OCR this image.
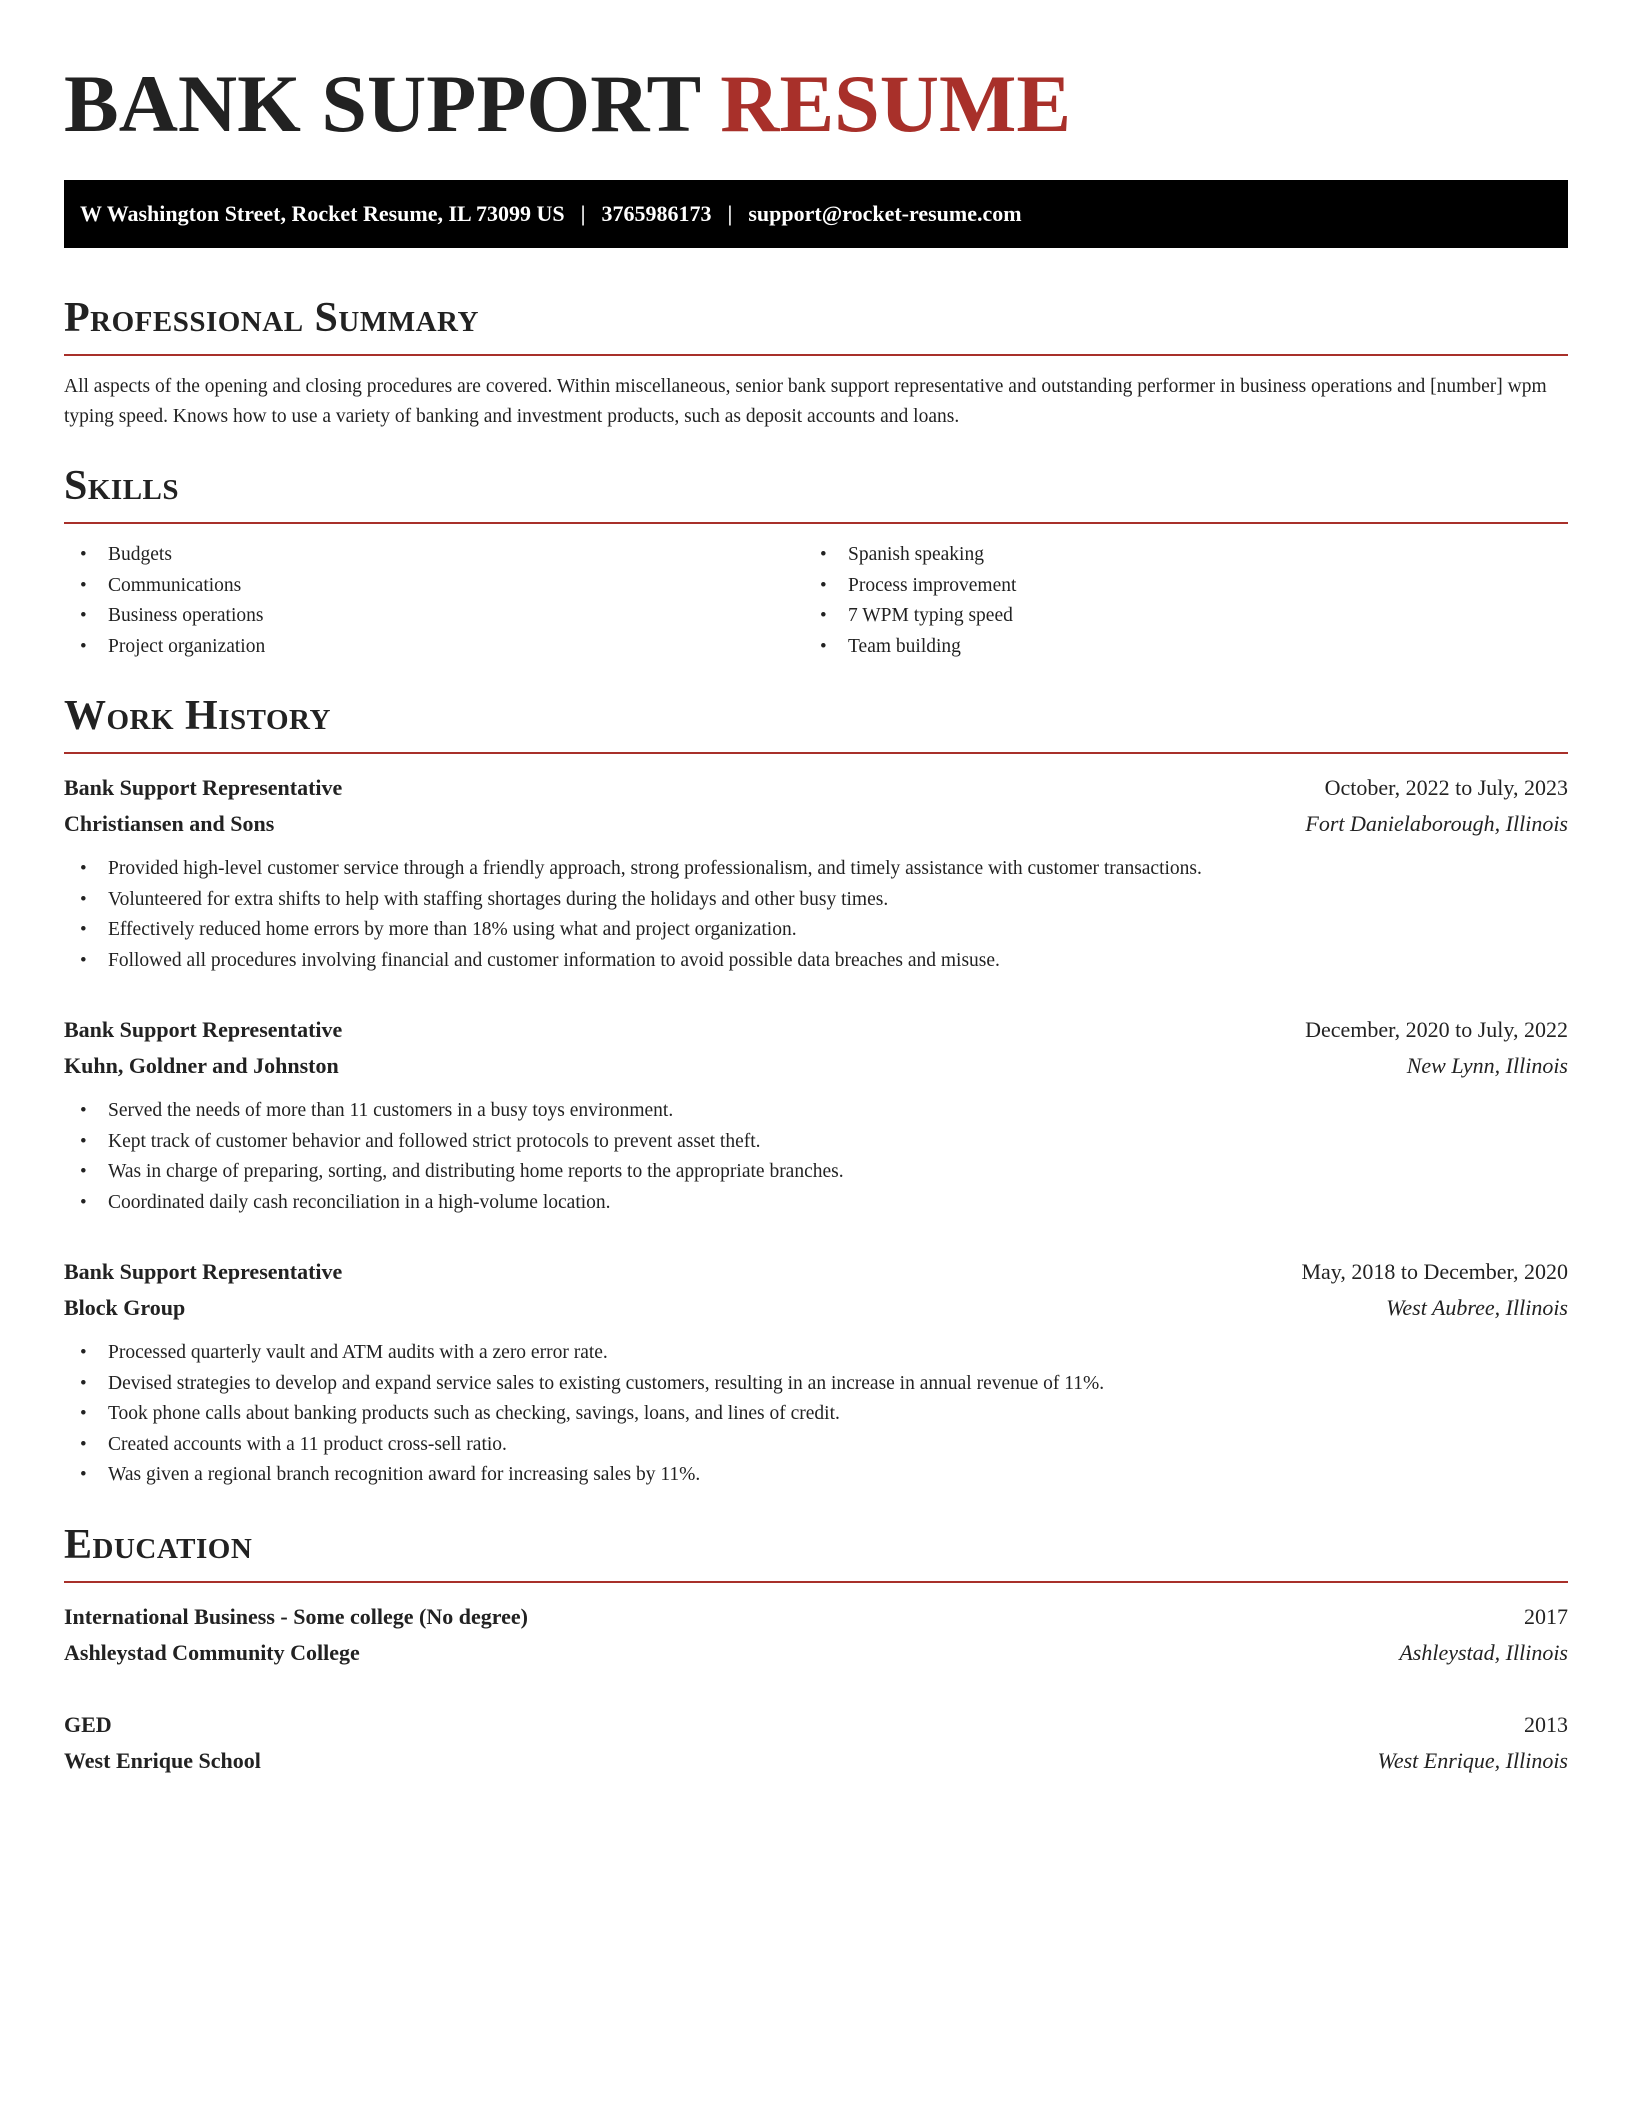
BANK SUPPORT RESUME
W Washington Street, Rocket Resume, IL 73099 US | 3765986173 | support@rocket-resume.com
Professional Summary

All aspects of the opening and closing procedures are covered. Within miscellaneous, senior bank support representative and outstanding performer in business operations and [number] wpm typing speed. Knows how to use a variety of banking and investment products, such as deposit accounts and loans.

Skills
• Budgets
• Communications
• Business operations
• Project organization
• Spanish speaking
• Process improvement
• 7 WPM typing speed
• Team building
Work History
Bank Support Representative	October, 2022 to July, 2023
Christiansen and Sons	Fort Danielaborough, Illinois
• Provided high-level customer service through a friendly approach, strong professionalism, and timely assistance with customer transactions.
• Volunteered for extra shifts to help with staffing shortages during the holidays and other busy times.
• Effectively reduced home errors by more than 18% using what and project organization.
• Followed all procedures involving financial and customer information to avoid possible data breaches and misuse.
Bank Support Representative	December, 2020 to July, 2022
Kuhn, Goldner and Johnston	New Lynn, Illinois
• Served the needs of more than 11 customers in a busy toys environment.
• Kept track of customer behavior and followed strict protocols to prevent asset theft.
• Was in charge of preparing, sorting, and distributing home reports to the appropriate branches.
• Coordinated daily cash reconciliation in a high-volume location.
Bank Support Representative	May, 2018 to December, 2020
Block Group	West Aubree, Illinois
• Processed quarterly vault and ATM audits with a zero error rate.
• Devised strategies to develop and expand service sales to existing customers, resulting in an increase in annual revenue of 11%.
• Took phone calls about banking products such as checking, savings, loans, and lines of credit.
• Created accounts with a 11 product cross-sell ratio.
• Was given a regional branch recognition award for increasing sales by 11%.
Education
International Business - Some college (No degree)	2017
Ashleystad Community College	Ashleystad, Illinois
GED	2013
West Enrique School	West Enrique, Illinois
